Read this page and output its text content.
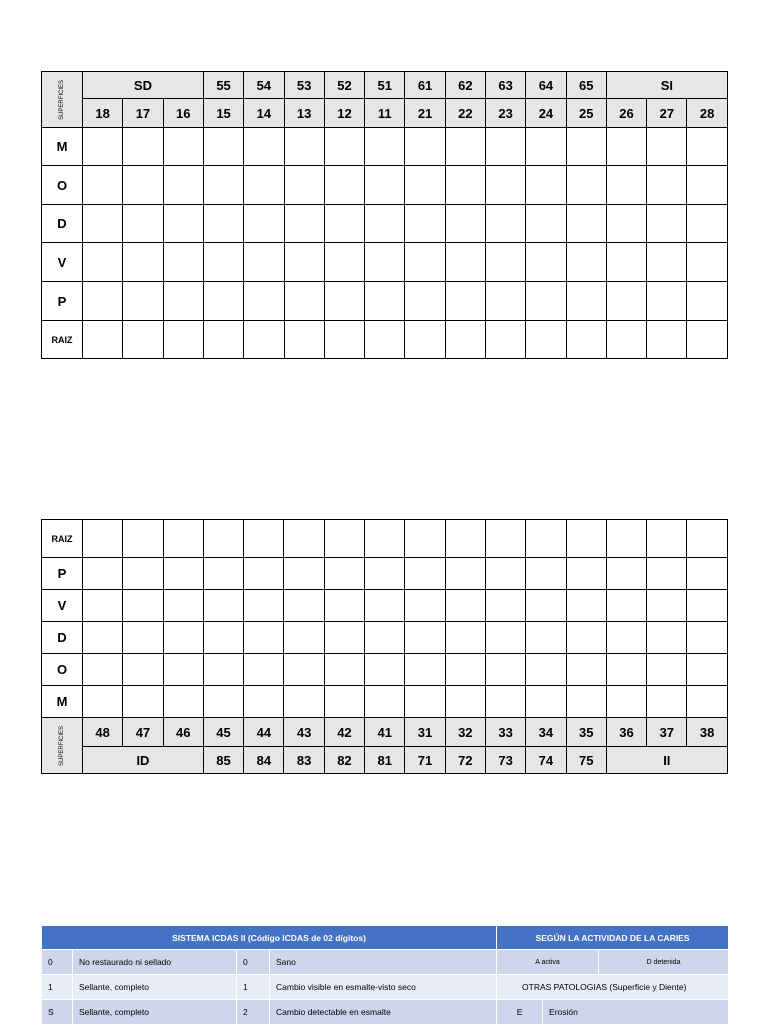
SUPERFICIES	SD			55	54	53	52	51	61	62	63	64	65	SI		
	18	17	16	15	14	13	12	11	21	22	23	24	25	26	27	28
M																
O																
D																
V																
P																
RAIZ																
RAIZ																
P																
V																
D																
O																
M																
SUPERFICIES	48	47	46	45	44	43	42	41	31	32	33	34	35	36	37	38
	ID			85	84	83	82	81	71	72	73	74	75	II		
SISTEMA ICDAS II (Código ICDAS de 02 dígitos)				SEGÚN LA ACTIVIDAD DE LA CARIES		
0	No restaurado ni sellado	0	Sano	A activa		D detenida
1	Sellante, completo	1	Cambio visible en esmalte-visto seco	OTRAS PATOLOGIAS (Superficie y Diente)		
S	Sellante, completo	2	Cambio detectable en esmalte	E	Erosión	
